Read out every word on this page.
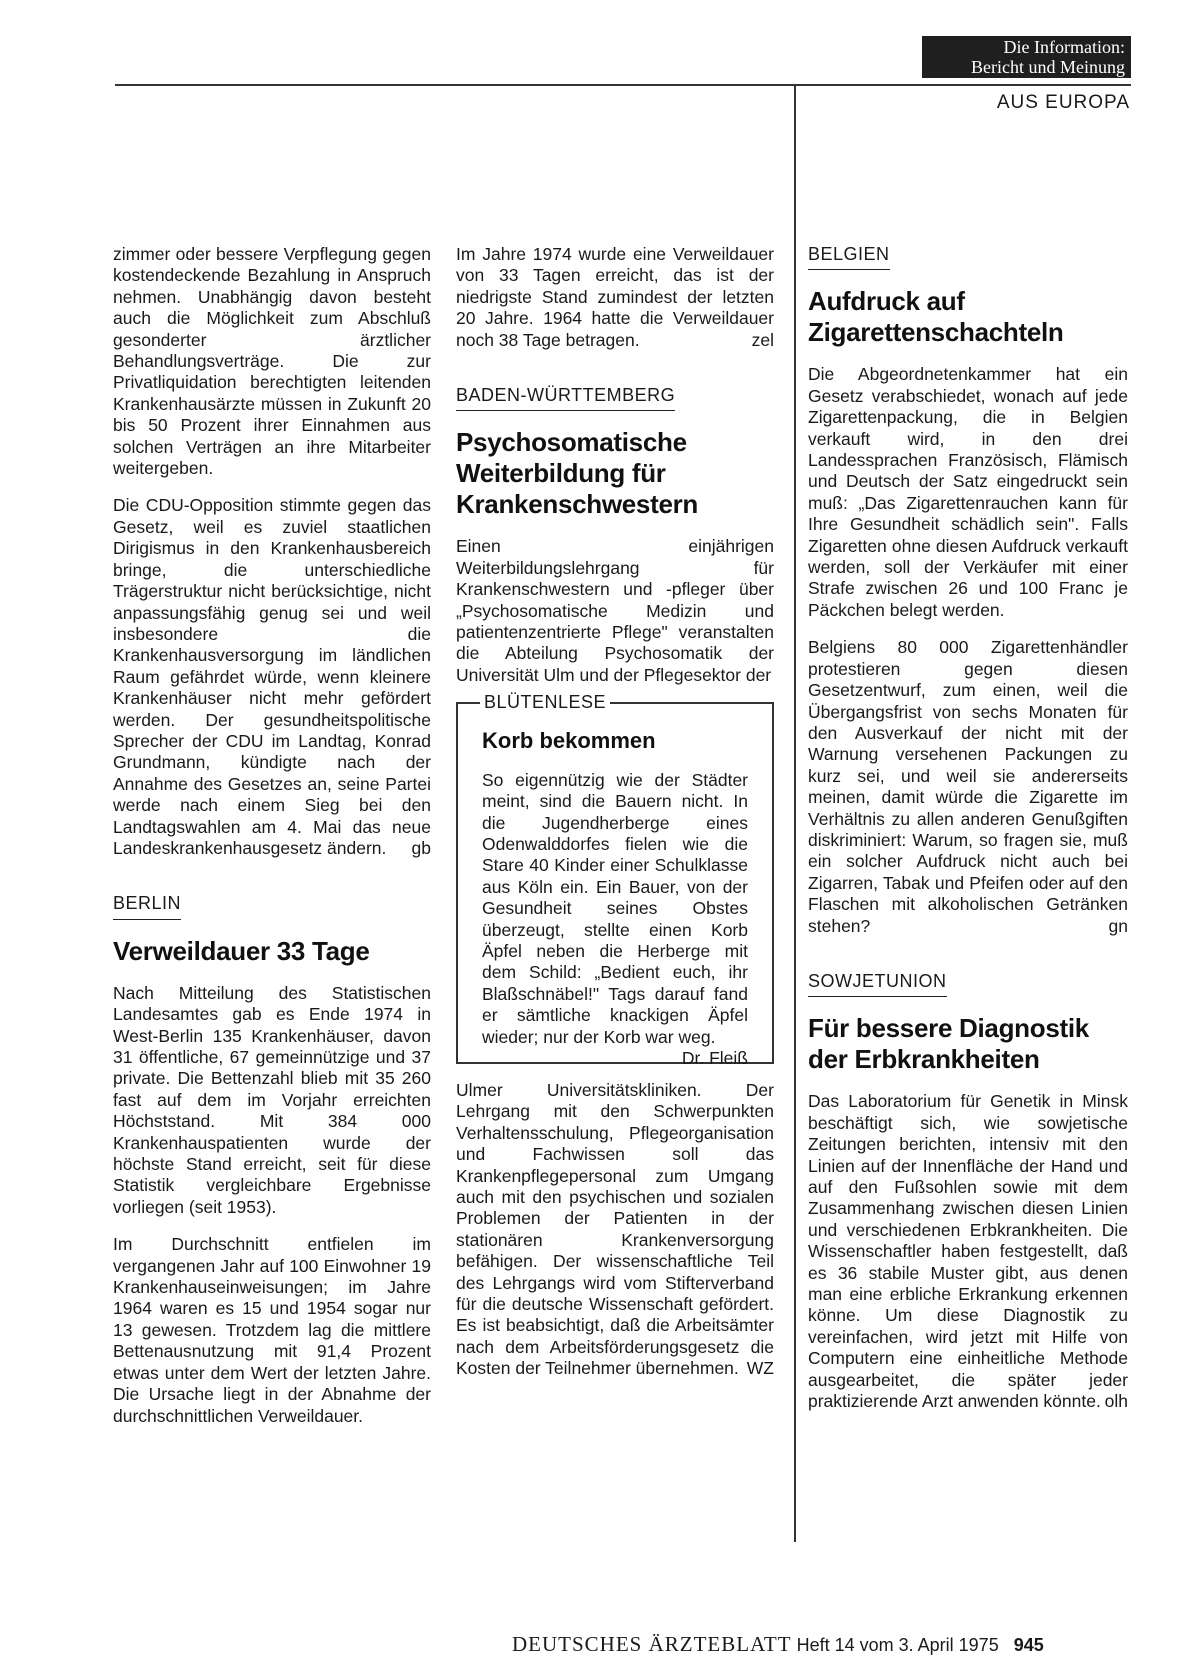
Die Information:
Bericht und Meinung
AUS EUROPA

zimmer oder bessere Verpflegung gegen kostendeckende Bezahlung in Anspruch nehmen. Unabhängig davon besteht auch die Möglichkeit zum Abschluß gesonderter ärztlicher Behandlungsverträge. Die zur Privatliquidation berechtigten leitenden Krankenhausärzte müssen in Zukunft 20 bis 50 Prozent ihrer Einnahmen aus solchen Verträgen an ihre Mitarbeiter weitergeben.

Die CDU-Opposition stimmte gegen das Gesetz, weil es zuviel staatlichen Dirigismus in den Krankenhausbereich bringe, die unterschiedliche Trägerstruktur nicht berücksichtige, nicht anpassungsfähig genug sei und weil insbesondere die Krankenhausversorgung im ländlichen Raum gefährdet würde, wenn kleinere Krankenhäuser nicht mehr gefördert werden. Der gesundheitspolitische Sprecher der CDU im Landtag, Konrad Grundmann, kündigte nach der Annahme des Gesetzes an, seine Partei werde nach einem Sieg bei den Landtagswahlen am 4. Mai das neue Landeskrankenhausgesetz ändern. gb

BERLIN
Verweildauer 33 Tage

Nach Mitteilung des Statistischen Landesamtes gab es Ende 1974 in West-Berlin 135 Krankenhäuser, davon 31 öffentliche, 67 gemeinnützige und 37 private. Die Bettenzahl blieb mit 35 260 fast auf dem im Vorjahr erreichten Höchststand. Mit 384 000 Krankenhauspatienten wurde der höchste Stand erreicht, seit für diese Statistik vergleichbare Ergebnisse vorliegen (seit 1953).

Im Durchschnitt entfielen im vergangenen Jahr auf 100 Einwohner 19 Krankenhauseinweisungen; im Jahre 1964 waren es 15 und 1954 sogar nur 13 gewesen. Trotzdem lag die mittlere Bettenausnutzung mit 91,4 Prozent etwas unter dem Wert der letzten Jahre. Die Ursache liegt in der Abnahme der durchschnittlichen Verweildauer.

Im Jahre 1974 wurde eine Verweildauer von 33 Tagen erreicht, das ist der niedrigste Stand zumindest der letzten 20 Jahre. 1964 hatte die Verweildauer noch 38 Tage betragen.	zel

BADEN-WÜRTTEMBERG
Psychosomatische Weiterbildung für Krankenschwestern

Einen einjährigen Weiterbildungslehrgang für Krankenschwestern und -pfleger über „Psychosomatische Medizin und patientenzentrierte Pflege" veranstalten die Abteilung Psychosomatik der Universität Ulm und der Pflegesektor der

BLÜTENLESE
Korb bekommen

So eigennützig wie der Städter meint, sind die Bauern nicht. In die Jugendherberge eines Odenwalddorfes fielen wie die Stare 40 Kinder einer Schulklasse aus Köln ein. Ein Bauer, von der Gesundheit seines Obstes überzeugt, stellte einen Korb Äpfel neben die Herberge mit dem Schild: „Bedient euch, ihr Blaßschnäbel!" Tags darauf fand er sämtliche knackigen Äpfel wieder; nur der Korb war weg.
Dr. Fleiß

Ulmer Universitätskliniken. Der Lehrgang mit den Schwerpunkten Verhaltensschulung, Pflegeorganisation und Fachwissen soll das Krankenpflegepersonal zum Umgang auch mit den psychischen und sozialen Problemen der Patienten in der stationären Krankenversorgung befähigen. Der wissenschaftliche Teil des Lehrgangs wird vom Stifterverband für die deutsche Wissenschaft gefördert. Es ist beabsichtigt, daß die Arbeitsämter nach dem Arbeitsförderungsgesetz die Kosten der Teilnehmer übernehmen. WZ

BELGIEN
Aufdruck auf Zigarettenschachteln

Die Abgeordnetenkammer hat ein Gesetz verabschiedet, wonach auf jede Zigarettenpackung, die in Belgien verkauft wird, in den drei Landessprachen Französisch, Flämisch und Deutsch der Satz eingedruckt sein muß: „Das Zigarettenrauchen kann für Ihre Gesundheit schädlich sein". Falls Zigaretten ohne diesen Aufdruck verkauft werden, soll der Verkäufer mit einer Strafe zwischen 26 und 100 Franc je Päckchen belegt werden.

Belgiens 80 000 Zigarettenhändler protestieren gegen diesen Gesetzentwurf, zum einen, weil die Übergangsfrist von sechs Monaten für den Ausverkauf der nicht mit der Warnung versehenen Packungen zu kurz sei, und weil sie andererseits meinen, damit würde die Zigarette im Verhältnis zu allen anderen Genußgiften diskriminiert: Warum, so fragen sie, muß ein solcher Aufdruck nicht auch bei Zigarren, Tabak und Pfeifen oder auf den Flaschen mit alkoholischen Getränken stehen?	gn

SOWJETUNION
Für bessere Diagnostik der Erbkrankheiten

Das Laboratorium für Genetik in Minsk beschäftigt sich, wie sowjetische Zeitungen berichten, intensiv mit den Linien auf der Innenfläche der Hand und auf den Fußsohlen sowie mit dem Zusammenhang zwischen diesen Linien und verschiedenen Erbkrankheiten. Die Wissenschaftler haben festgestellt, daß es 36 stabile Muster gibt, aus denen man eine erbliche Erkrankung erkennen könne. Um diese Diagnostik zu vereinfachen, wird jetzt mit Hilfe von Computern eine einheitliche Methode ausgearbeitet, die später jeder praktizierende Arzt anwenden könnte. olh

DEUTSCHES ÄRZTEBLATT Heft 14 vom 3. April 1975 945
